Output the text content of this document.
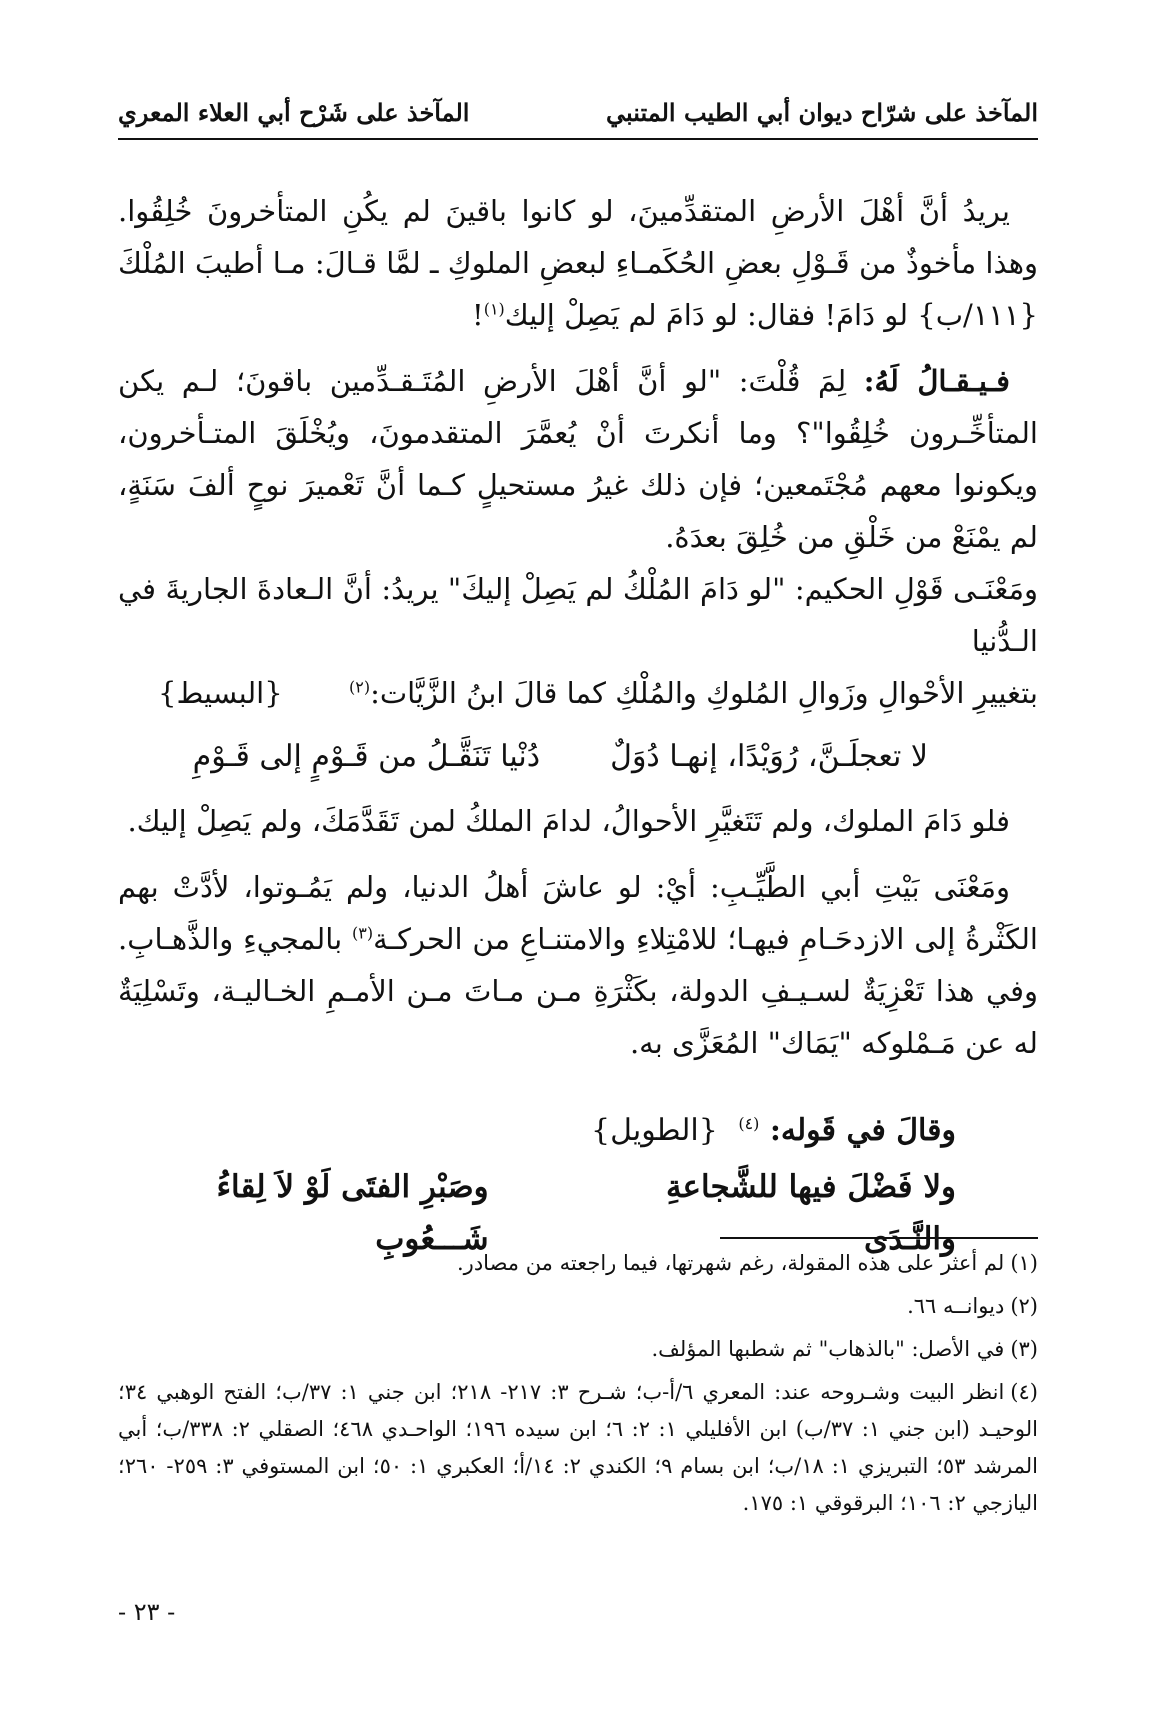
المآخذ على شرّاح ديوان أبي الطيب المتنبي
المآخذ على شَرْح أبي العلاء المعري

يريدُ أنَّ أهْلَ الأرضِ المتقدِّمينَ، لو كانوا باقينَ لم يكُنِ المتأخرونَ خُلِقُوا. وهذا مأخوذٌ من قَـوْلِ بعضِ الحُكَمـاءِ لبعضِ الملوكِ ـ لمَّا قـالَ: مـا أطيبَ المُلْكَ {١١١/ب} لو دَامَ! فقال: لو دَامَ لم يَصِلْ إليك$^{(١)}$!

فـيـقـالُ لَهُ: لِمَ قُلْتَ: "لو أنَّ أهْلَ الأرضِ المُتَـقـدِّمين باقونَ؛ لـم يكن المتأخِّـرون خُلِقُوا"؟ وما أنكرتَ أنْ يُعمَّرَ المتقدمونَ، ويُخْلَقَ المتـأخرون، ويكونوا معهم مُجْتَمعين؛ فإن ذلك غيرُ مستحيلٍ كـما أنَّ تَعْميرَ نوحٍ ألفَ سَنَةٍ، لم يمْنَعْ من خَلْقِ من خُلِقَ بعدَهُ.

ومَعْنَـى قَوْلِ الحكيم: "لو دَامَ المُلْكُ لم يَصِلْ إليكَ" يريدُ: أنَّ الـعادةَ الجاريةَ في الـدُّنيا

بتغييرِ الأحْوالِ وزَوالِ المُلوكِ والمُلْكِ كما قالَ ابنُ الزَّيَّات:$^{(٢)}$
{البسيط}
لا تعجلَـنَّ، رُوَيْدًا، إنهـا دُوَلٌ
دُنْيا تَنَقَّـلُ من قَـوْمٍ إلى قَـوْمِ

فلو دَامَ الملوك، ولم تَتَغيَّرِ الأحوالُ، لدامَ الملكُ لمن تَقَدَّمَكَ، ولم يَصِلْ إليك.

ومَعْنَى بَيْتِ أبي الطَّيِّـبِ: أيْ: لو عاشَ أهلُ الدنيا، ولم يَمُـوتوا، لأدَّتْ بهم الكَثْرةُ إلى الازدحَـامِ فيهـا؛ للامْتِلاءِ والامتنـاعِ من الحركـة$^{(٣)}$ بالمجيءِ والذَّهـابِ. وفي هذا تَعْزِيَةٌ لسـيـفِ الدولة، بكَثْرَةِ مـن مـاتَ مـن الأمـمِ الخـاليـة، وتَسْلِيَةٌ له عن مَـمْلوكه "يَمَاك" المُعَزَّى به.

وقالَ في قَوله: $^{(٤)}$ {الطويل}
ولا فَضْلَ فيها للشَّجاعةِ والنَّـدَى
وصَبْرِ الفتَى لَوْ لاَ لِقاءُ شَـــعُوبِ

(١)لم أعثر على هذه المقولة، رغم شهرتها، فيما راجعته من مصادر.

(٢)ديوانــه ٦٦.

(٣)في الأصل: "بالذهاب" ثم شطبها المؤلف.

(٤)انظر البيت وشـروحه عند: المعري ٦/أ-ب؛ شـرح ٣: ٢١٧- ٢١٨؛ ابن جني ١: ٣٧/ب؛ الفتح الوهبي ٣٤؛ الوحيـد (ابن جني ١: ٣٧/ب) ابن الأفليلي ١: ٢: ٦؛ ابن سيده ١٩٦؛ الواحـدي ٤٦٨؛ الصقلي ٢: ٣٣٨/ب؛ أبي المرشد ٥٣؛ التبريزي ١: ١٨/ب؛ ابن بسام ٩؛ الكندي ٢: ١٤/أ؛ العكبري ١: ٥٠؛ ابن المستوفي ٣: ٢٥٩- ٢٦٠؛ اليازجي ٢: ١٠٦؛ البرقوقي ١: ١٧٥.

- ٢٣ -
